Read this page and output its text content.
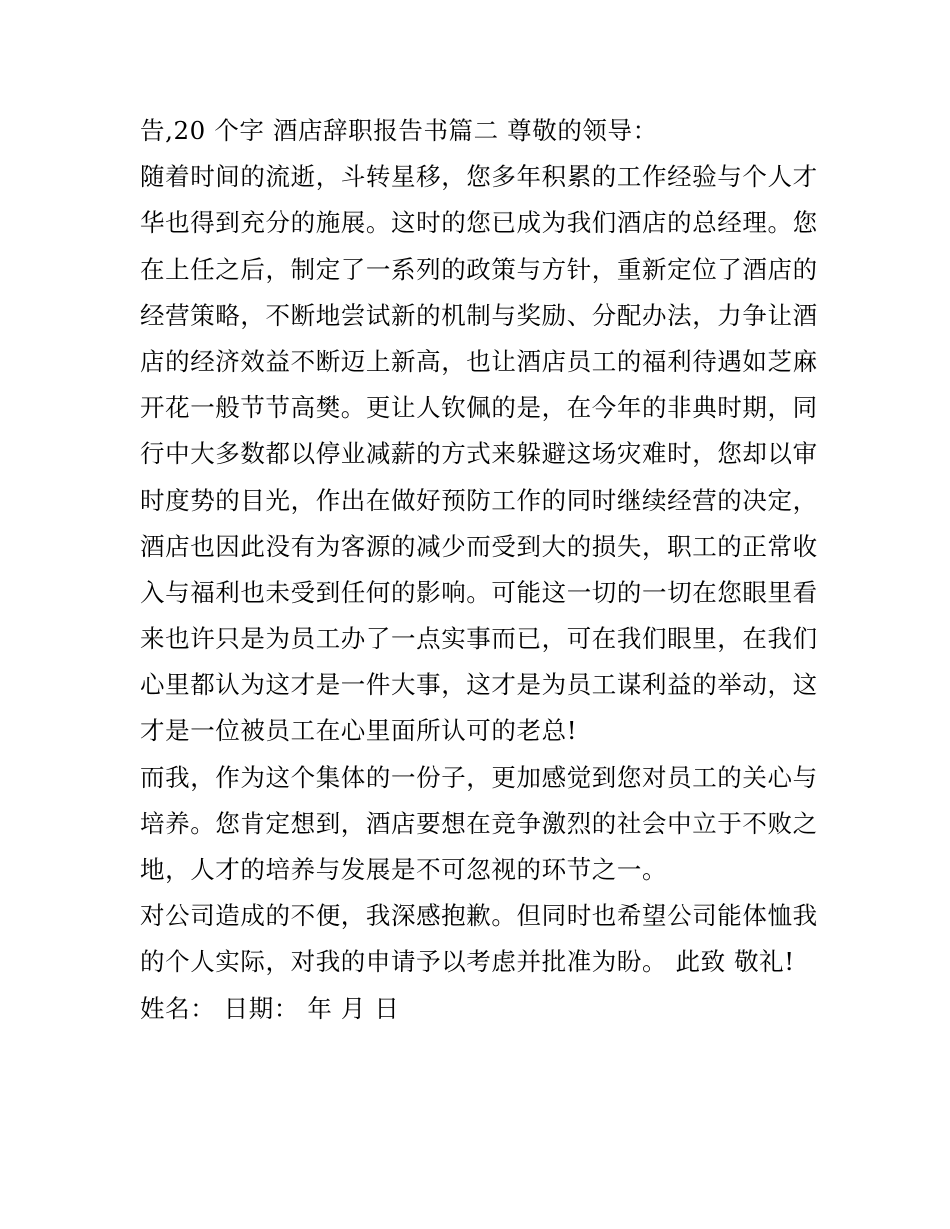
告,20 个字 酒店辞职报告书篇二 尊敬的领导：
随着时间的流逝，斗转星移，您多年积累的工作经验与个人才
华也得到充分的施展。这时的您已成为我们酒店的总经理。您
在上任之后，制定了一系列的政策与方针，重新定位了酒店的
经营策略，不断地尝试新的机制与奖励、分配办法，力争让酒
店的经济效益不断迈上新高，也让酒店员工的福利待遇如芝麻
开花一般节节高樊。更让人钦佩的是，在今年的非典时期，同
行中大多数都以停业减薪的方式来躲避这场灾难时，您却以审
时度势的目光，作出在做好预防工作的同时继续经营的决定，
酒店也因此没有为客源的减少而受到大的损失，职工的正常收
入与福利也未受到任何的影响。可能这一切的一切在您眼里看
来也许只是为员工办了一点实事而已，可在我们眼里，在我们
心里都认为这才是一件大事，这才是为员工谋利益的举动，这
才是一位被员工在心里面所认可的老总!
而我，作为这个集体的一份子，更加感觉到您对员工的关心与
培养。您肯定想到，酒店要想在竞争激烈的社会中立于不败之
地，人才的培养与发展是不可忽视的环节之一。
对公司造成的不便，我深感抱歉。但同时也希望公司能体恤我
的个人实际，对我的申请予以考虑并批准为盼。 此致 敬礼!
姓名： 日期： 年 月 日
